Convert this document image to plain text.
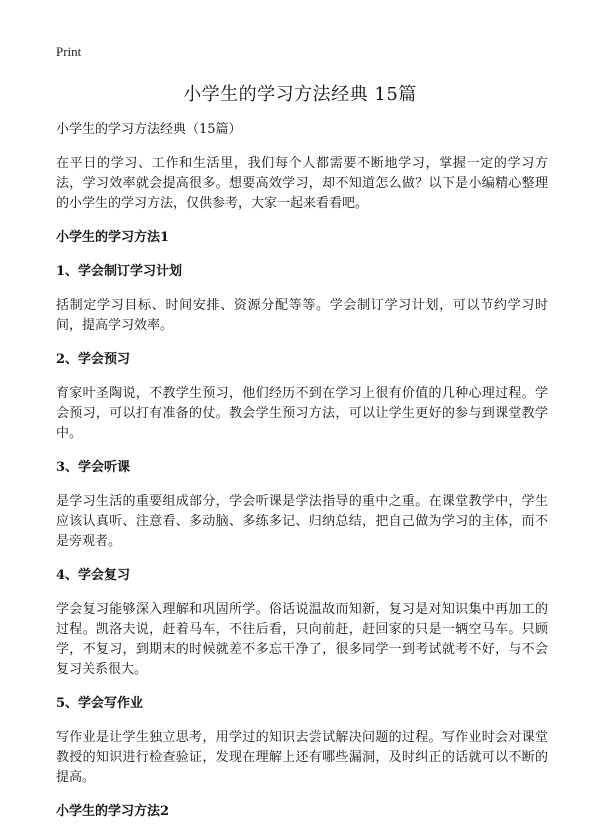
Print
小学生的学习方法经典 15篇

小学生的学习方法经典（15篇）

在平日的学习、工作和生活里，我们每个人都需要不断地学习，掌握一定的学习方法，学习效率就会提高很多。想要高效学习，却不知道怎么做？以下是小编精心整理的小学生的学习方法，仅供参考，大家一起来看看吧。

小学生的学习方法1

1、学会制订学习计划

括制定学习目标、时间安排、资源分配等等。学会制订学习计划，可以节约学习时间，提高学习效率。

2、学会预习

育家叶圣陶说，不教学生预习，他们经历不到在学习上很有价值的几种心理过程。学会预习，可以打有准备的仗。教会学生预习方法，可以让学生更好的参与到课堂教学中。

3、学会听课

是学习生活的重要组成部分，学会听课是学法指导的重中之重。在课堂教学中，学生应该认真听、注意看、多动脑、多练多记、归纳总结，把自己做为学习的主体，而不是旁观者。

4、学会复习

学会复习能够深入理解和巩固所学。俗话说温故而知新，复习是对知识集中再加工的过程。凯洛夫说，赶着马车，不往后看，只向前赶，赶回家的只是一辆空马车。只顾学，不复习，到期末的时候就差不多忘干净了，很多同学一到考试就考不好，与不会复习关系很大。

5、学会写作业

写作业是让学生独立思考，用学过的知识去尝试解决问题的过程。写作业时会对课堂教授的知识进行检查验证，发现在理解上还有哪些漏洞，及时纠正的话就可以不断的提高。

小学生的学习方法2
